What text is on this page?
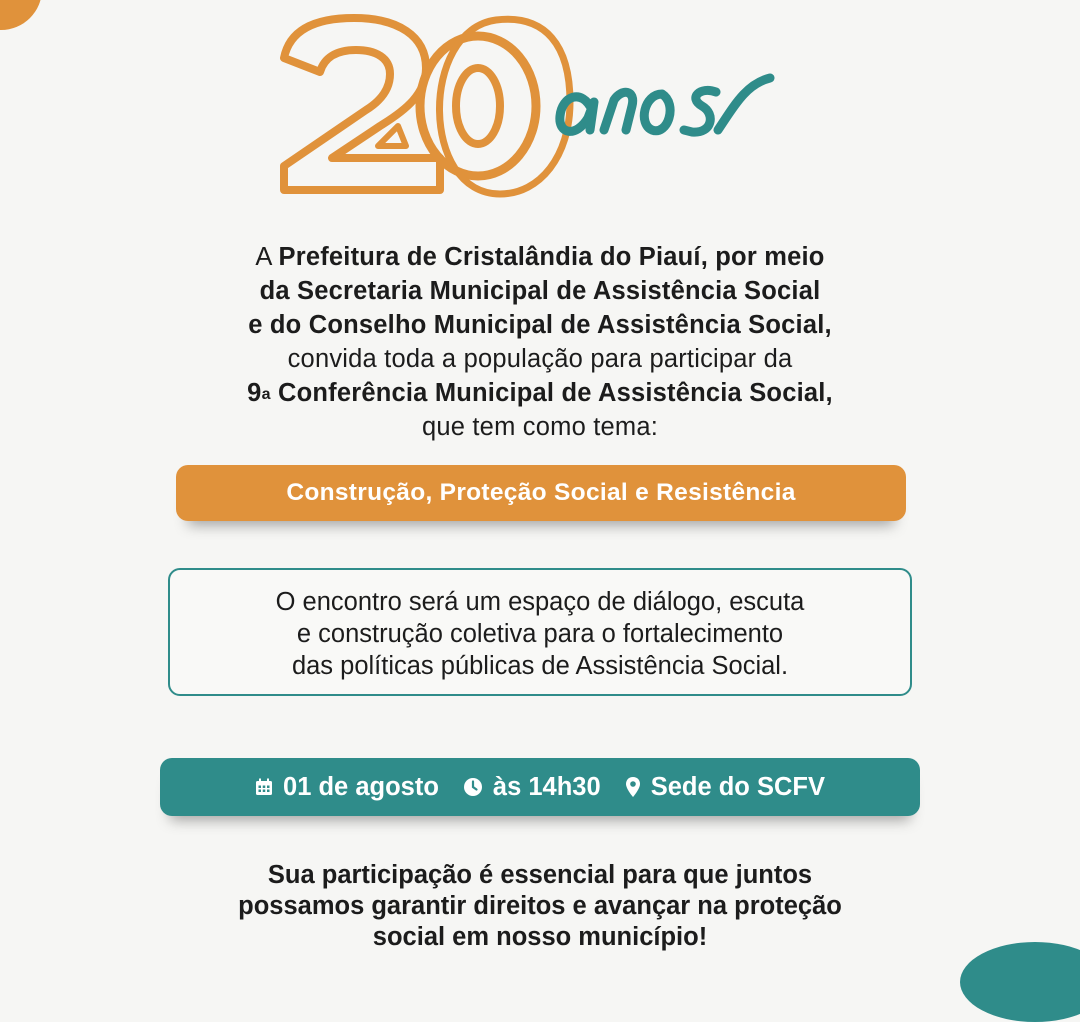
A Prefeitura de Cristalândia do Piauí, por meio
da Secretaria Municipal de Assistência Social
e do Conselho Municipal de Assistência Social,
convida toda a população para participar da
9$^a$ Conferência Municipal de Assistência Social,
que tem como tema:
Construção, Proteção Social e Resistência
O encontro será um espaço de diálogo, escuta
e construção coletiva para o fortalecimento
das políticas públicas de Assistência Social.
01 de agosto às 14h30 Sede do SCFV
Sua participação é essencial para que juntos
possamos garantir direitos e avançar na proteção
social em nosso município!
